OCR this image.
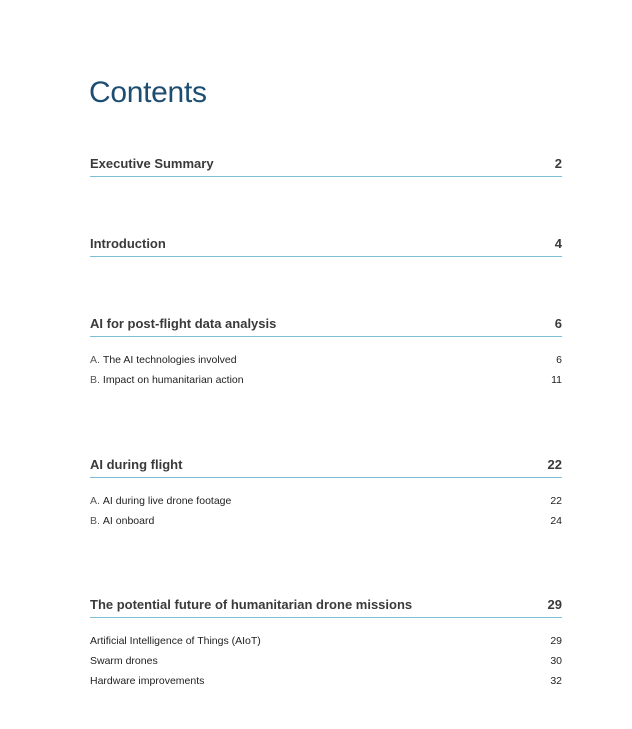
Contents
Executive Summary	2
Introduction	4
AI for post-flight data analysis	6
A. The AI technologies involved	6
B. Impact on humanitarian action	11
AI during flight	22
A. AI during live drone footage	22
B. AI onboard	24
The potential future of humanitarian drone missions	29
Artificial Intelligence of Things (AIoT)	29
Swarm drones	30
Hardware improvements	32
